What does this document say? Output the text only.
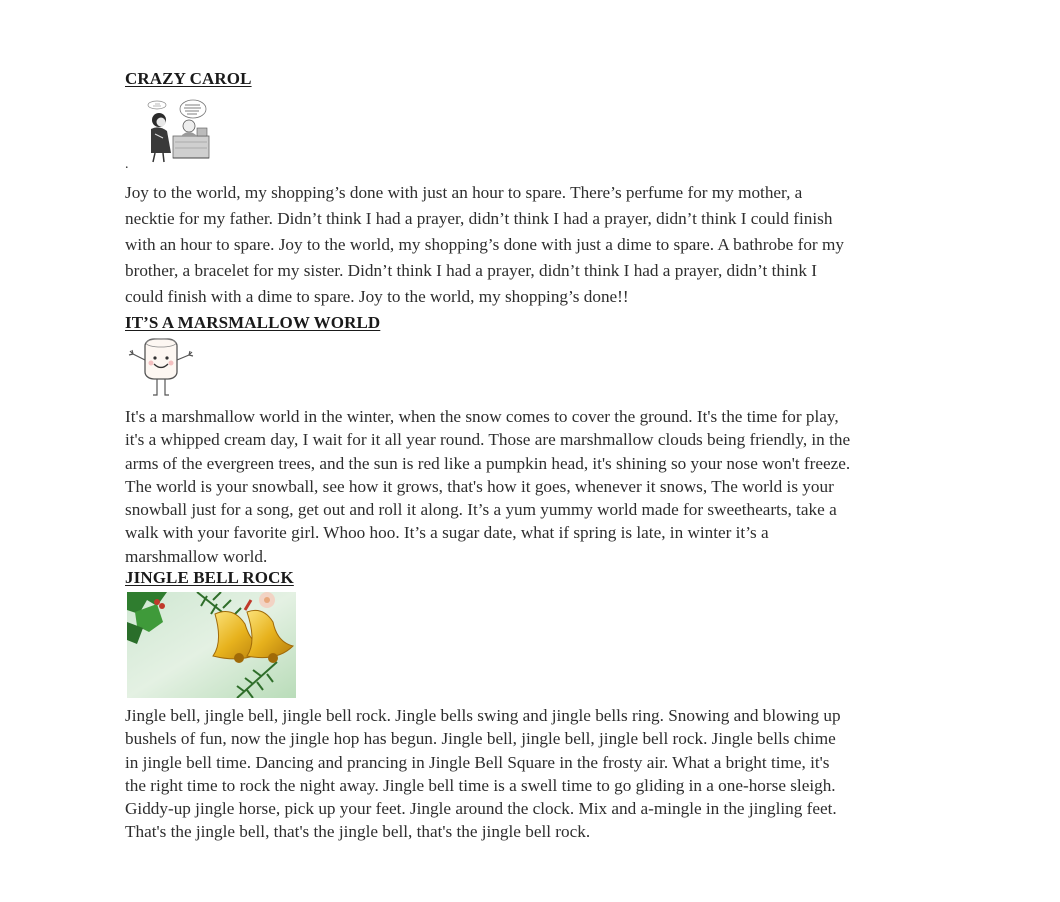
CRAZY CAROL
.
Joy to the world, my shopping’s done with just an hour to spare. There’s perfume for my mother, a
necktie for my father. Didn’t think I had a prayer, didn’t think I had a prayer, didn’t think I could finish
with an hour to spare. Joy to the world, my shopping’s done with just a dime to spare. A bathrobe for my
brother, a bracelet for my sister. Didn’t think I had a prayer, didn’t think I had a prayer, didn’t think I
could finish with a dime to spare. Joy to the world, my shopping’s done!!
IT’S A MARSMALLOW WORLD
It's a marshmallow world in the winter, when the snow comes to cover the ground. It's the time for play,
it's a whipped cream day, I wait for it all year round. Those are marshmallow clouds being friendly, in the
arms of the evergreen trees, and the sun is red like a pumpkin head, it's shining so your nose won't freeze.
The world is your snowball, see how it grows, that's how it goes, whenever it snows, The world is your
snowball just for a song, get out and roll it along. It’s a yum yummy world made for sweethearts, take a
walk with your favorite girl. Whoo hoo. It’s a sugar date, what if spring is late, in winter it’s a
marshmallow world.
JINGLE BELL ROCK
Jingle bell, jingle bell, jingle bell rock. Jingle bells swing and jingle bells ring. Snowing and blowing up
bushels of fun, now the jingle hop has begun. Jingle bell, jingle bell, jingle bell rock. Jingle bells chime
in jingle bell time. Dancing and prancing in Jingle Bell Square in the frosty air. What a bright time, it's
the right time to rock the night away. Jingle bell time is a swell time to go gliding in a one-horse sleigh.
Giddy-up jingle horse, pick up your feet. Jingle around the clock. Mix and a-mingle in the jingling feet.
That's the jingle bell, that's the jingle bell, that's the jingle bell rock.
